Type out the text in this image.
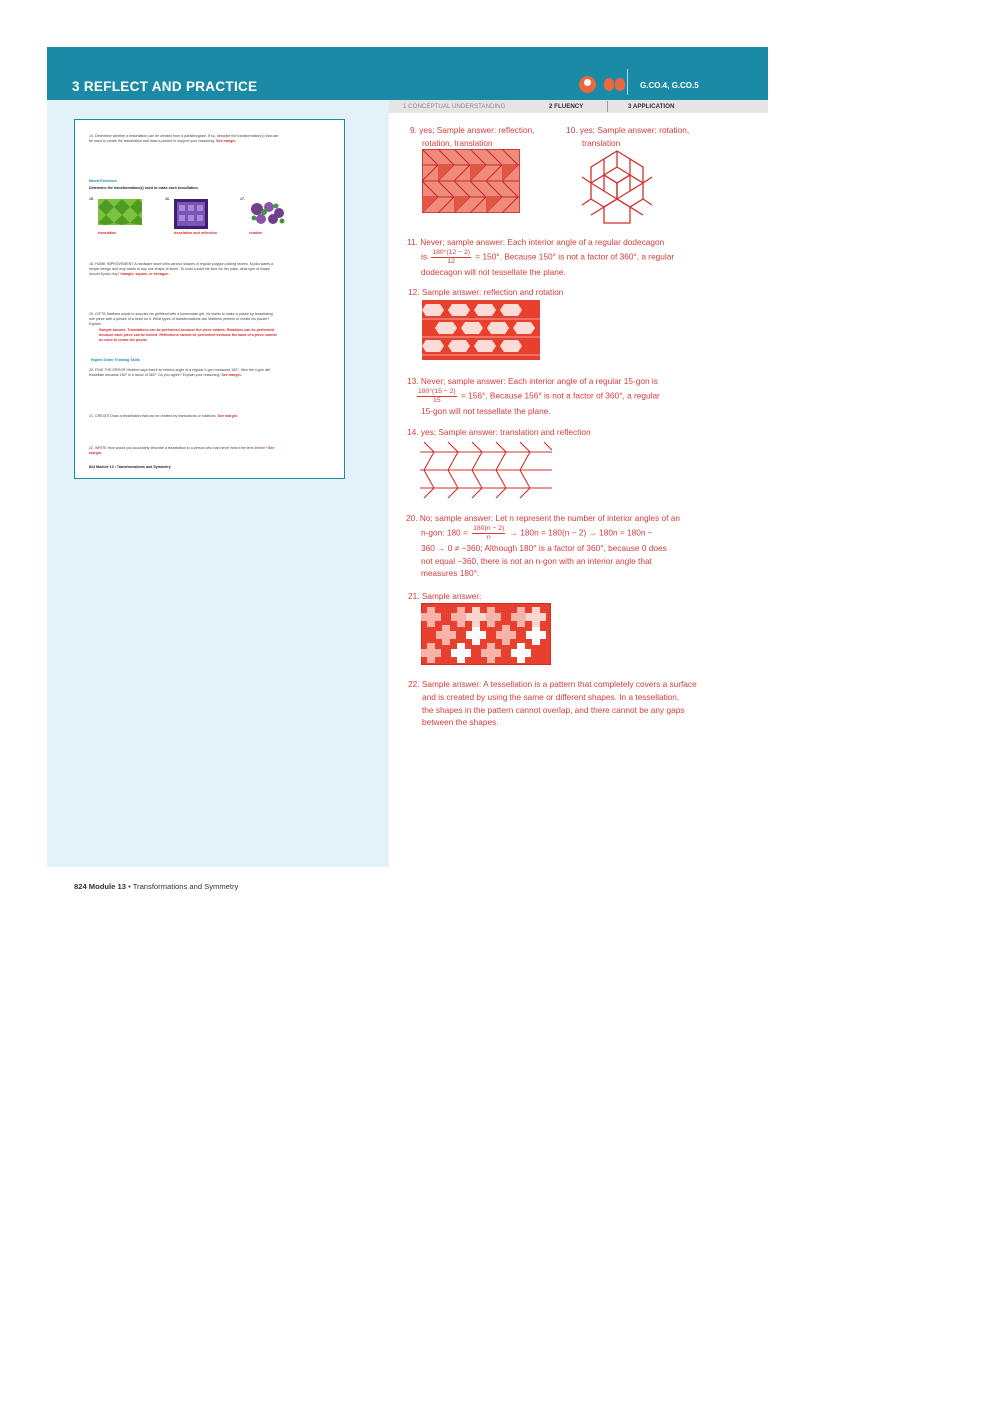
3 REFLECT AND PRACTICE	G.CO.4, G.CO.5
1 CONCEPTUAL UNDERSTANDING	2 FLUENCY	3 APPLICATION
14. Determine whether a tessellation can be created from a parallelogram. If so, describe the transformation(s) that can be used to create the tessellation and draw a picture to support your reasoning. See margin.
Mixed Exercises
Determine the transformation(s) used to make each tessellation.
15.	16.	17.
translation	translation and reflection	rotation
18. HOME IMPROVEMENT A hardware store sells various shapes of regular polygon paving stones. Kyoko wants a simple design and only wants to buy one shape of stone. To build a solid tile floor for her patio, what type of shape should Kyoko buy? triangle, square, or hexagon
19. GIFTS Matthew wants to surprise his girlfriend with a homemade gift. He wants to make a puzzle by tessellating one piece with a picture of a heart on it. What types of transformations can Matthew perform to create his puzzle? Explain.
Sample answer: Translations can be performed because the piece rotates. Rotations can be performed because each piece can be turned. Reflections cannot be performed because the back of a piece cannot be used to create the puzzle.
Higher-Order Thinking Skills
20. FIND THE ERROR Heather says that if an interior angle of a regular n-gon measures 180°, then the n-gon will tessellate because 180° is a factor of 360°. Do you agree? Explain your reasoning. See margin.
21. CREATE Draw a tessellation that can be created by translations or rotations. See margin.
22. WRITE How would you accurately describe a tessellation to a person who had never heard the term before? See margin.
824 Module 13 • Transformations and Symmetry
9. yes; Sample answer: reflection,
rotation, translation
10. yes; Sample answer: rotation,
translation
11. Never; sample answer: Each interior angle of a regular dodecagon
is $\frac{180^\circ(12 - 2)}{12} = 150^\circ$. Because 150° is not a factor of 360°, a regular
dodecagon will not tessellate the plane.
12. Sample answer: reflection and rotation
13. Never; sample answer: Each interior angle of a regular 15-gon is
$\frac{180^\circ(15 - 2)}{15} = 156^\circ$. Because 156° is not a factor of 360°, a regular
15-gon will not tessellate the plane.
14. yes; Sample answer: translation and reflection
20. No; sample answer: Let n represent the number of interior angles of an
n-gon: $180 = \frac{180(n - 2)}{n} \to 180n = 180(n - 2) \to 180n = 180n$ −
360 → 0 ≠ −360; Although 180° is a factor of 360°, because 0 does
not equal −360, there is not an n-gon with an interior angle that
measures 180°.
21. Sample answer:
22. Sample answer: A tessellation is a pattern that completely covers a surface
and is created by using the same or different shapes. In a tessellation,
the shapes in the pattern cannot overlap, and there cannot be any gaps
between the shapes.
824 Module 13 • Transformations and Symmetry
